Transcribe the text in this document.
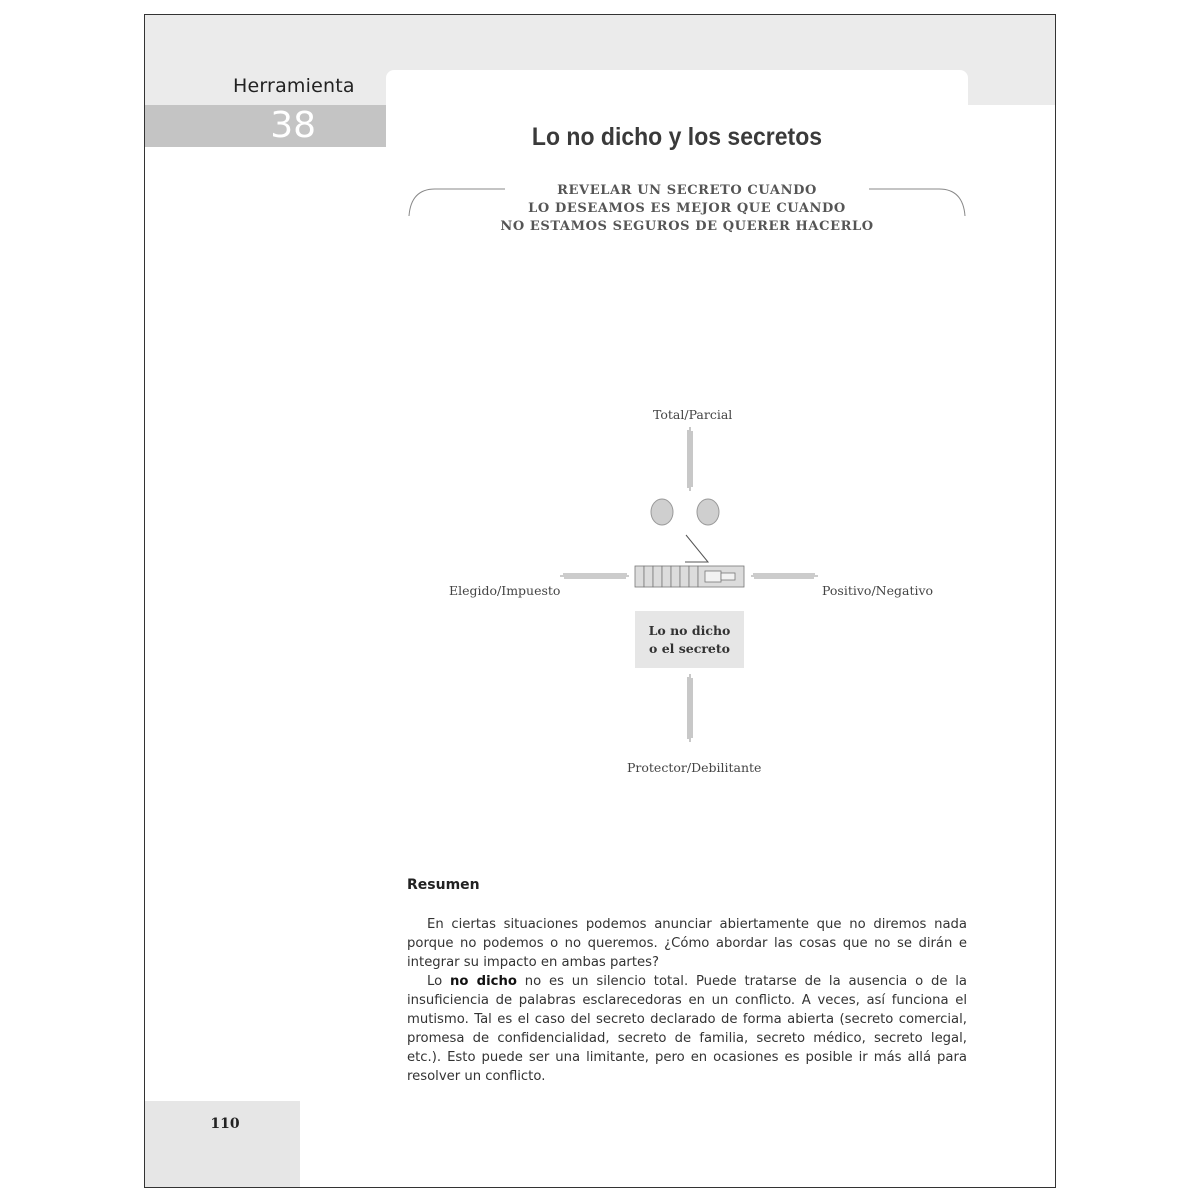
Herramienta
38	Lo no dicho y los secretos
REVELAR UN SECRETO CUANDO
LO DESEAMOS ES MEJOR QUE CUANDO
NO ESTAMOS SEGUROS DE QUERER HACERLO
Total/Parcial
Elegido/Impuesto	Positivo/Negativo
Protector/Debilitante
Lo no dicho
o el secreto
Resumen
En ciertas situaciones podemos anunciar abiertamente que no diremos nada porque no podemos o no queremos. ¿Cómo abordar las cosas que no se dirán e integrar su impacto en ambas partes?
Lo no dicho no es un silencio total. Puede tratarse de la ausencia o de la insuficiencia de palabras esclarecedoras en un conflicto. A veces, así funciona el mutismo. Tal es el caso del secreto declarado de forma abierta (secreto comercial, promesa de confidencialidad, secreto de familia, secreto médico, secreto legal, etc.). Esto puede ser una limitante, pero en ocasiones es posible ir más allá para resolver un conflicto.
110
